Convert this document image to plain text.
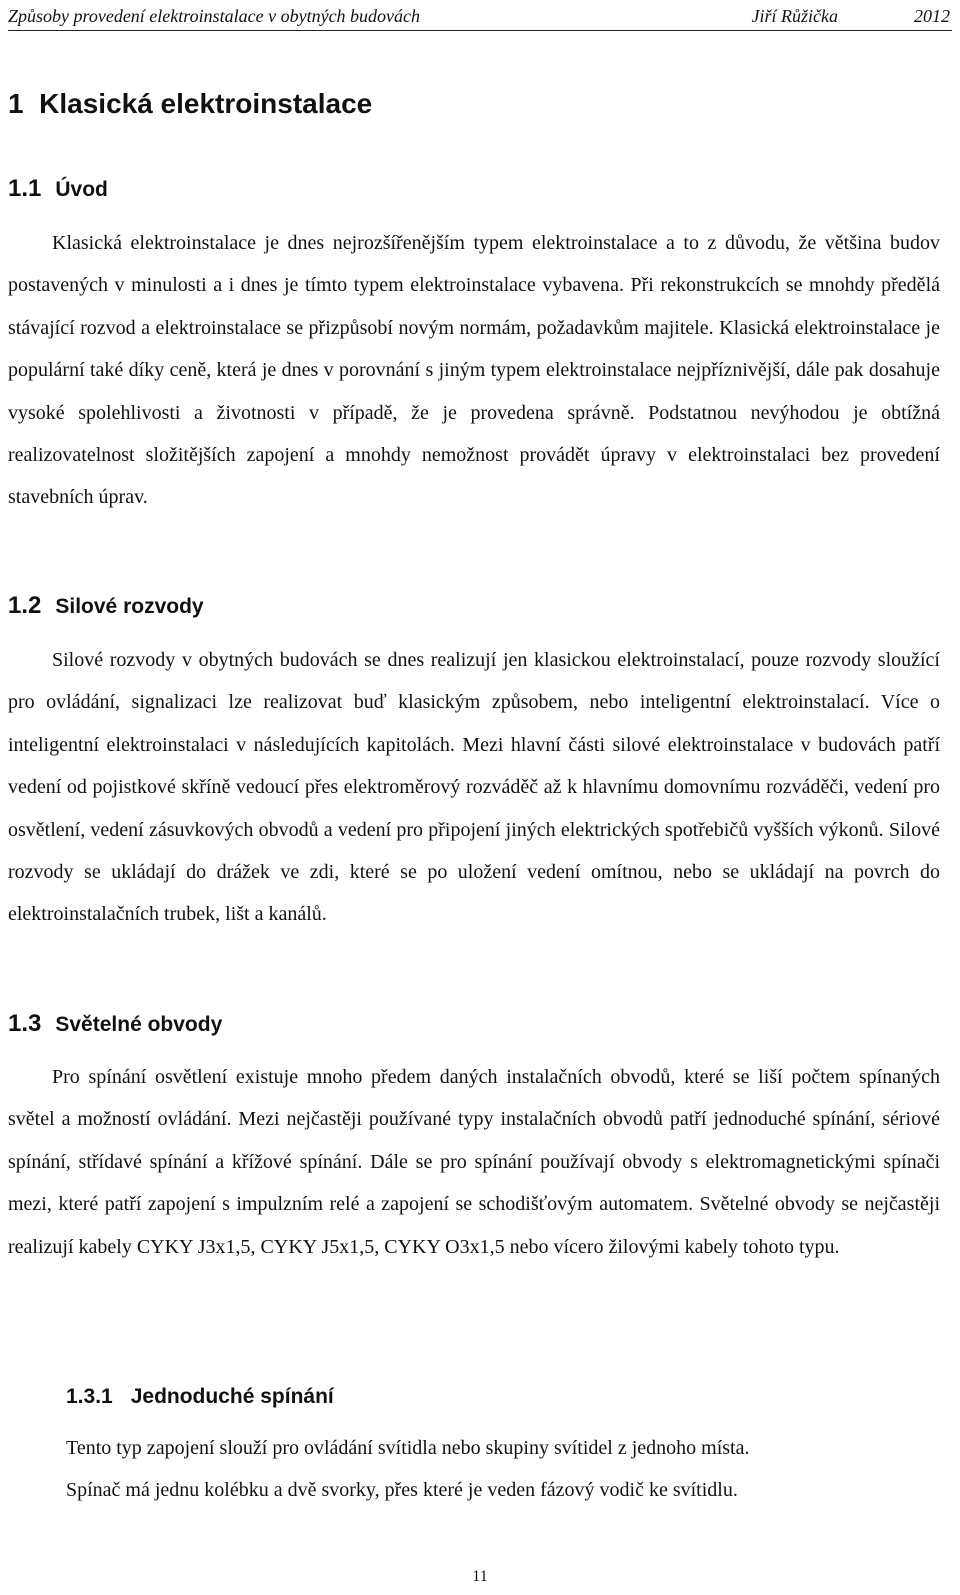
Způsoby provedení elektroinstalace v obytných budovách	Jiří Růžička	2012
1 Klasická elektroinstalace
1.1 Úvod

Klasická elektroinstalace je dnes nejrozšířenějším typem elektroinstalace a to z důvodu, že většina budov postavených v minulosti a i dnes je tímto typem elektroinstalace vybavena. Při rekonstrukcích se mnohdy předělá stávající rozvod a elektroinstalace se přizpůsobí novým normám, požadavkům majitele. Klasická elektroinstalace je populární také díky ceně, která je dnes v porovnání s jiným typem elektroinstalace nejpříznivější, dále pak dosahuje vysoké spolehlivosti a životnosti v případě, že je provedena správně. Podstatnou nevýhodou je obtížná realizovatelnost složitějších zapojení a mnohdy nemožnost provádět úpravy v elektroinstalaci bez provedení stavebních úprav.

1.2 Silové rozvody

Silové rozvody v obytných budovách se dnes realizují jen klasickou elektroinstalací, pouze rozvody sloužící pro ovládání, signalizaci lze realizovat buď klasickým způsobem, nebo inteligentní elektroinstalací. Více o inteligentní elektroinstalaci v následujících kapitolách. Mezi hlavní části silové elektroinstalace v budovách patří vedení od pojistkové skříně vedoucí přes elektroměrový rozváděč až k hlavnímu domovnímu rozváděči, vedení pro osvětlení, vedení zásuvkových obvodů a vedení pro připojení jiných elektrických spotřebičů vyšších výkonů. Silové rozvody se ukládají do drážek ve zdi, které se po uložení vedení omítnou, nebo se ukládají na povrch do elektroinstalačních trubek, lišt a kanálů.

1.3 Světelné obvody

Pro spínání osvětlení existuje mnoho předem daných instalačních obvodů, které se liší počtem spínaných světel a možností ovládání. Mezi nejčastěji používané typy instalačních obvodů patří jednoduché spínání, sériové spínání, střídavé spínání a křížové spínání. Dále se pro spínání používají obvody s elektromagnetickými spínači mezi, které patří zapojení s impulzním relé a zapojení se schodišťovým automatem. Světelné obvody se nejčastěji realizují kabely CYKY J3x1,5, CYKY J5x1,5, CYKY O3x1,5 nebo vícero žilovými kabely tohoto typu.

1.3.1 Jednoduché spínání

Tento typ zapojení slouží pro ovládání svítidla nebo skupiny svítidel z jednoho místa.

Spínač má jednu kolébku a dvě svorky, přes které je veden fázový vodič ke svítidlu.

11
